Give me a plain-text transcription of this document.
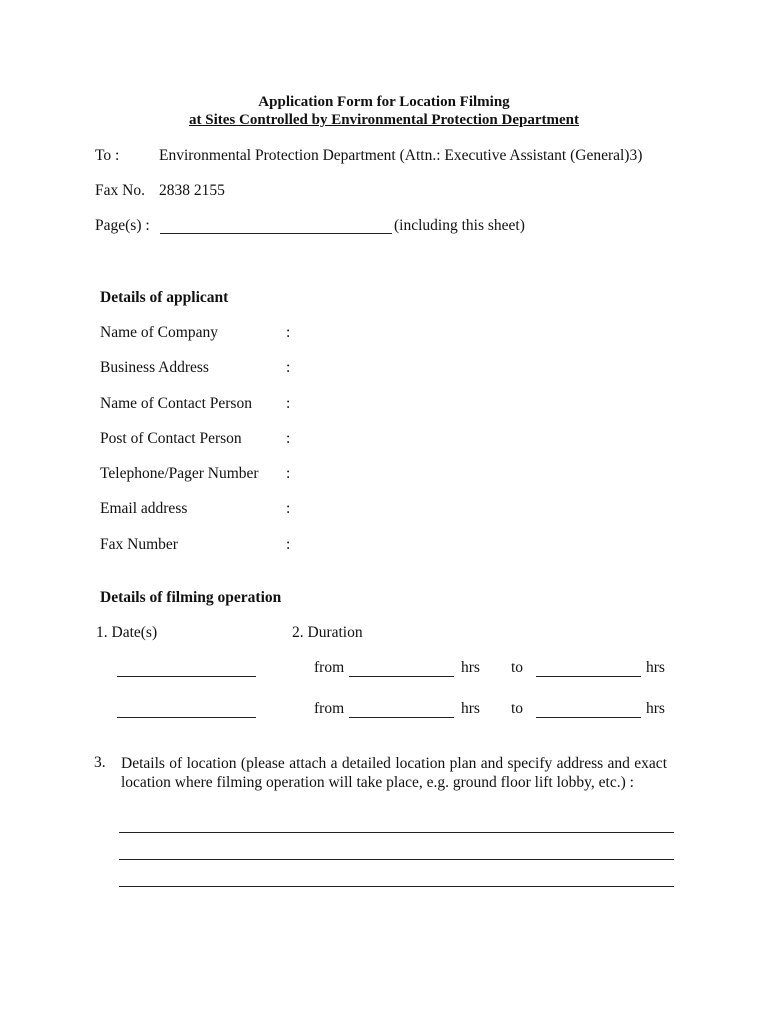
Application Form for Location Filming
at Sites Controlled by Environmental Protection Department
To :	Environmental Protection Department (Attn.: Executive Assistant (General)3)
Fax No. 2838 2155
Page(s) :	(including this sheet)
Details of applicant
Name of Company	:
Business Address	:
Name of Contact Person :
Post of Contact Person	:
Telephone/Pager Number :
Email address	:
Fax Number	:
Details of filming operation
1. Date(s)	2. Duration
from	hrs to	hrs
from	hrs to	hrs
3. Details of location (please attach a detailed location plan and specify address and exact location where filming operation will take place, e.g. ground floor lift lobby, etc.) :
